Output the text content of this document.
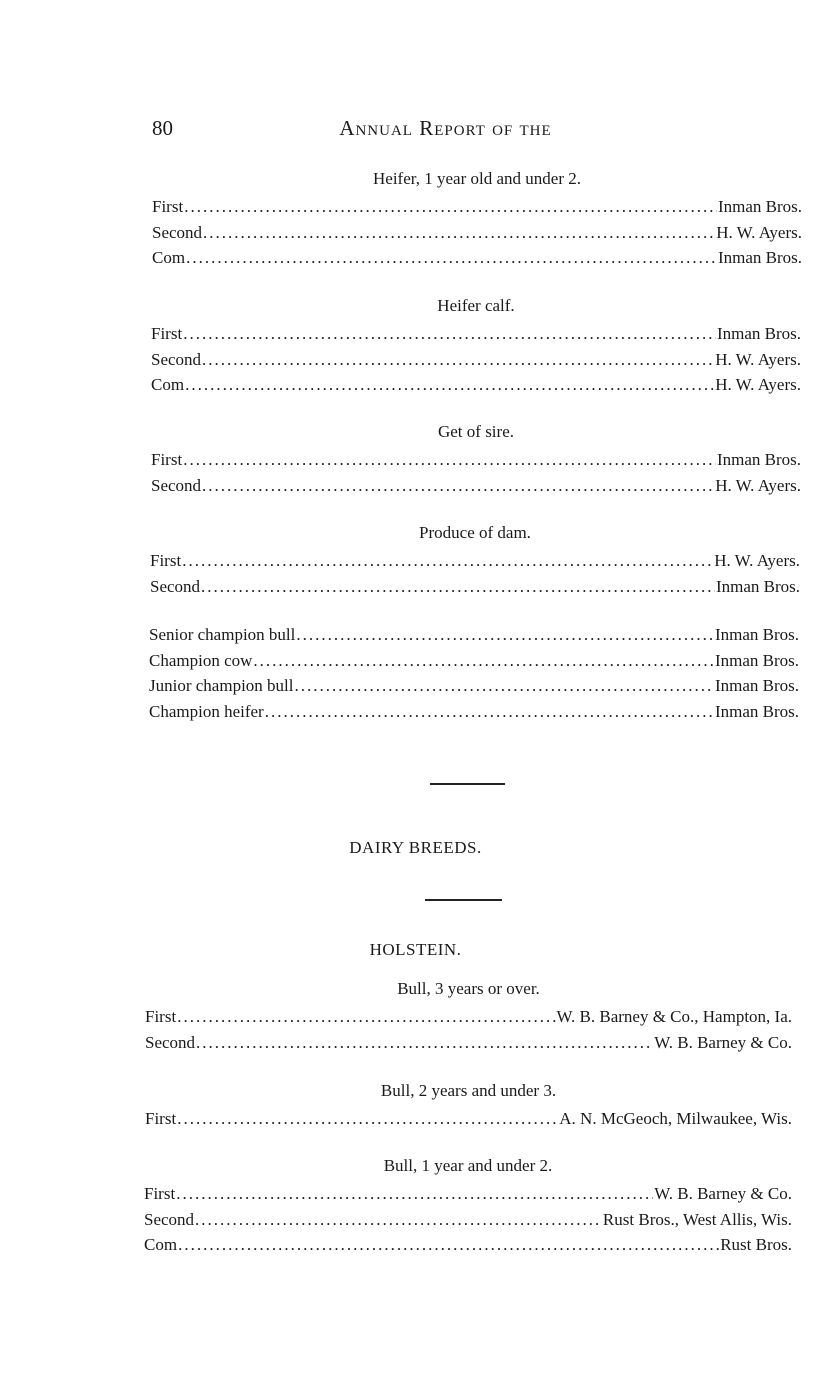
80	Annual Report of the
Heifer, 1 year old and under 2.
First .....	Inman Bros.
Second .....	H. W. Ayers.
Com .....	Inman Bros.
Heifer calf.
First .....	Inman Bros.
Second .....	H. W. Ayers.
Com .....	H. W. Ayers.
Get of sire.
First .....	Inman Bros.
Second .....	H. W. Ayers.
Produce of dam.
First .....	H. W. Ayers.
Second .....	Inman Bros.
Senior champion bull .....	Inman Bros.
Champion cow .....	Inman Bros.
Junior champion bull .....	Inman Bros.
Champion heifer .....	Inman Bros.
DAIRY BREEDS.
HOLSTEIN.
Bull, 3 years or over.
First .....	W. B. Barney & Co., Hampton, Ia.
Second .....	W. B. Barney & Co.
Bull, 2 years and under 3.
First .....	A. N. McGeoch, Milwaukee, Wis.
Bull, 1 year and under 2.
First .....	W. B. Barney & Co.
Second .....	Rust Bros., West Allis, Wis.
Com .....	Rust Bros.
